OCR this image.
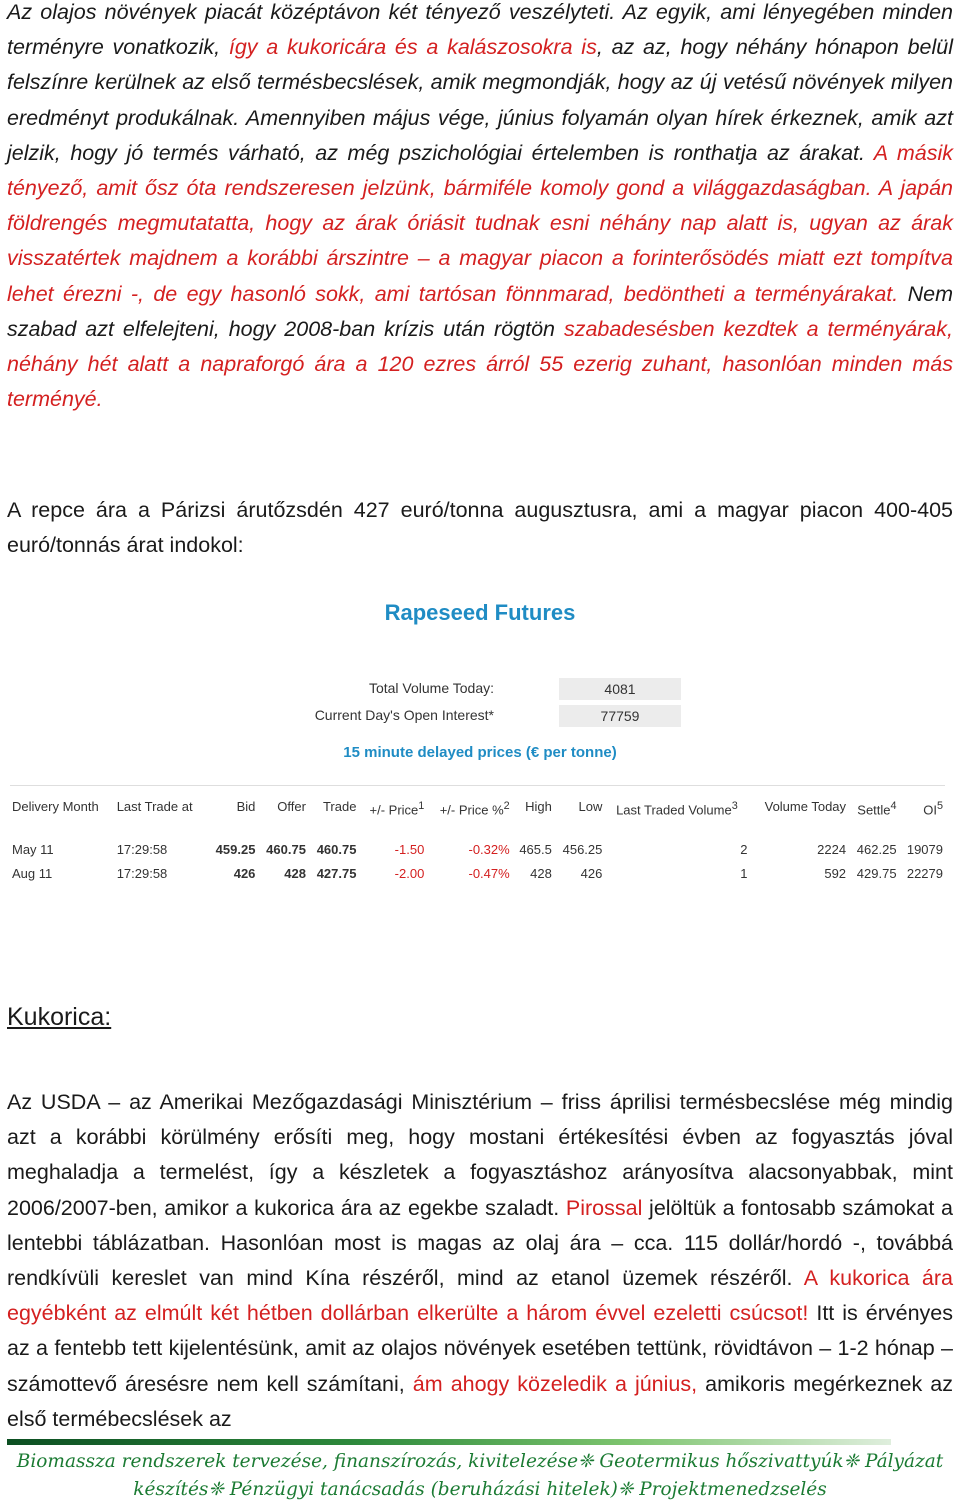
Az olajos növények piacát középtávon két tényező veszélyteti. Az egyik, ami lényegében minden terményre vonatkozik, így a kukoricára és a kalászosokra is, az az, hogy néhány hónapon belül felszínre kerülnek az első termésbecslések, amik megmondják, hogy az új vetésű növények milyen eredményt produkálnak. Amennyiben május vége, június folyamán olyan hírek érkeznek, amik azt jelzik, hogy jó termés várható, az még pszichológiai értelemben is ronthatja az árakat. A másik tényező, amit ősz óta rendszeresen jelzünk, bármiféle komoly gond a világgazdaságban. A japán földrengés megmutatatta, hogy az árak óriásit tudnak esni néhány nap alatt is, ugyan az árak visszatértek majdnem a korábbi árszintre – a magyar piacon a forinterősödés miatt ezt tompítva lehet érezni -, de egy hasonló sokk, ami tartósan fönnmarad, bedöntheti a terményárakat. Nem szabad azt elfelejteni, hogy 2008-ban krízis után rögtön szabadesésben kezdtek a terményárak, néhány hét alatt a napraforgó ára a 120 ezres árról 55 ezerig zuhant, hasonlóan minden más terményé.

A repce ára a Párizsi árutőzsdén 427 euró/tonna augusztusra, ami a magyar piacon 400-405 euró/tonnás árat indokol:

Rapeseed Futures
Total Volume Today:	4081
Current Day's Open Interest*	77759
15 minute delayed prices (€ per tonne)
Delivery Month	Last Trade at	Bid	Offer	Trade	+/- Price$^1$	+/- Price %$^2$	High	Low	Last Traded Volume$^3$	Volume Today	Settle$^4$	$OI^5$
May 11	17:29:58	459.25	460.75	460.75	-1.50	-0.32%	465.5	456.25	2	2224	462.25	19079
Aug 11	17:29:58	426	428	427.75	-2.00	-0.47%	428	426	1	592	429.75	22279

Kukorica:

Az USDA – az Amerikai Mezőgazdasági Minisztérium – friss áprilisi termésbecslése még mindig azt a korábbi körülmény erősíti meg, hogy mostani értékesítési évben az fogyasztás jóval meghaladja a termelést, így a készletek a fogyasztáshoz arányosítva alacsonyabbak, mint 2006/2007-ben, amikor a kukorica ára az egekbe szaladt. Pirossal jelöltük a fontosabb számokat a lentebbi táblázatban. Hasonlóan most is magas az olaj ára – cca. 115 dollár/hordó -, továbbá rendkívüli kereslet van mind Kína részéről, mind az etanol üzemek részéről. A kukorica ára egyébként az elmúlt két hétben dollárban elkerülte a három évvel ezeletti csúcsot! Itt is érvényes az a fentebb tett kijelentésünk, amit az olajos növények esetében tettünk, rövidtávon – 1-2 hónap – számottevő áresésre nem kell számítani, ám ahogy közeledik a június, amikoris megérkeznek az első termébecslések az

Biomassza rendszerek tervezése, finanszírozás, kivitelezése❈ Geotermikus hőszivattyúk❈ Pályázat
készítés❈ Pénzügyi tanácsadás (beruházási hitelek)❈ Projektmenedzselés
